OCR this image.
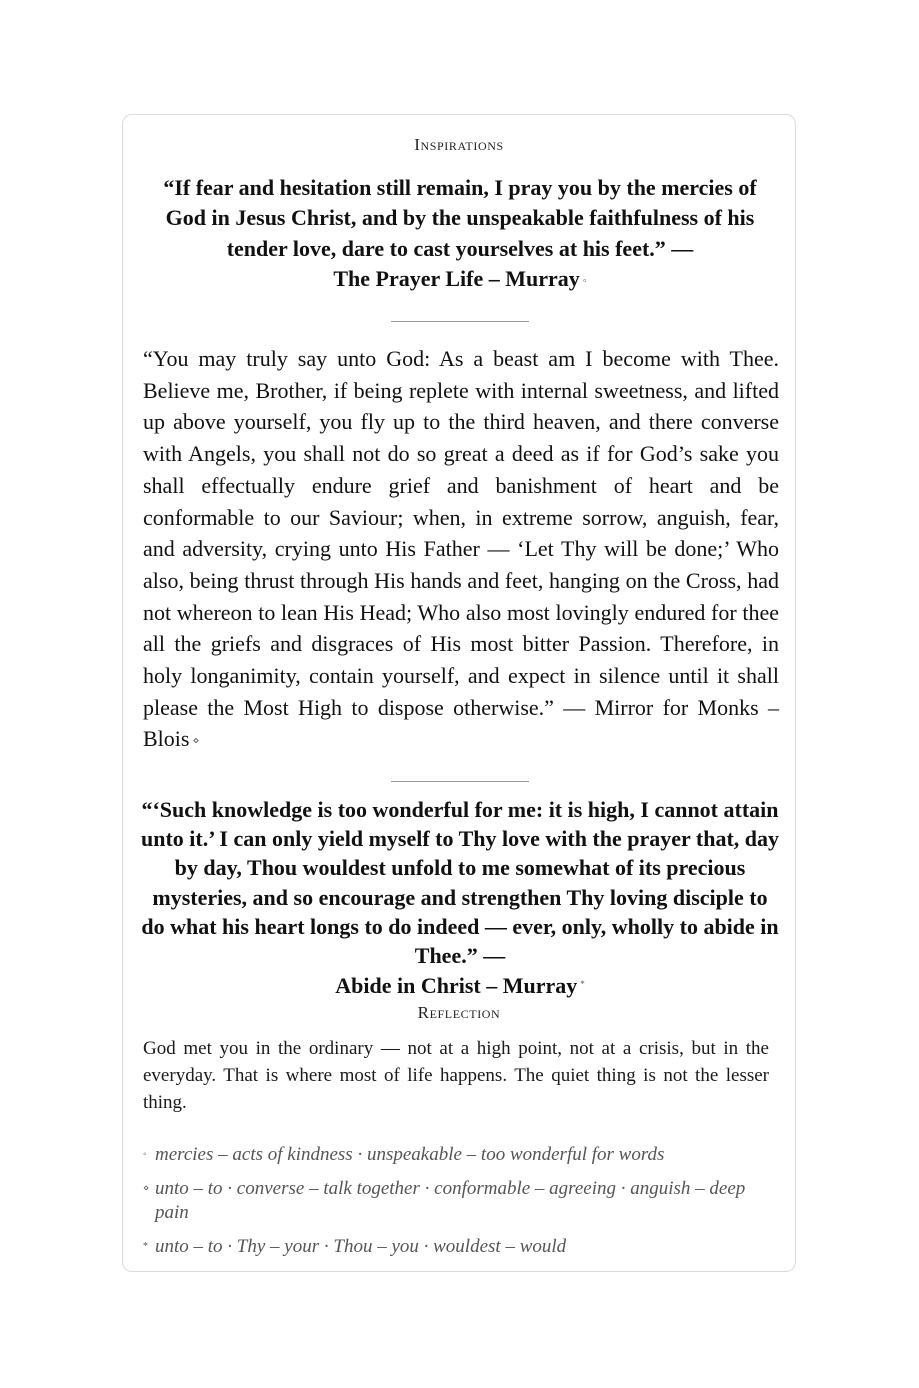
Inspirations
“If fear and hesitation still remain, I pray you by the mercies of God in Jesus Christ, and by the unspeakable faithfulness of his tender love, dare to cast yourselves at his feet.” —
The Prayer Life – Murray ◦
“You may truly say unto God: As a beast am I become with Thee. Believe me, Brother, if being replete with internal sweetness, and lifted up above yourself, you fly up to the third heaven, and there converse with Angels, you shall not do so great a deed as if for God’s sake you shall effectually endure grief and banishment of heart and be conformable to our Saviour; when, in extreme sorrow, anguish, fear, and adversity, crying unto His Father — ‘Let Thy will be done;’ Who also, being thrust through His hands and feet, hanging on the Cross, had not whereon to lean His Head; Who also most lovingly endured for thee all the griefs and disgraces of His most bitter Passion. Therefore, in holy longanimity, contain yourself, and expect in silence until it shall please the Most High to dispose otherwise.” — Mirror for Monks – Blois ⋄
“‘Such knowledge is too wonderful for me: it is high, I cannot attain unto it.’ I can only yield myself to Thy love with the prayer that, day by day, Thou wouldest unfold to me somewhat of its precious mysteries, and so encourage and strengthen Thy loving disciple to do what his heart longs to do indeed — ever, only, wholly to abide in Thee.” —
Abide in Christ – Murray *
Reflection
God met you in the ordinary — not at a high point, not at a crisis, but in the everyday. That is where most of life happens. The quiet thing is not the lesser thing.
◦ mercies – acts of kindness · unspeakable – too wonderful for words
⋄ unto – to · converse – talk together · conformable – agreeing · anguish – deep pain
* unto – to · Thy – your · Thou – you · wouldest – would
